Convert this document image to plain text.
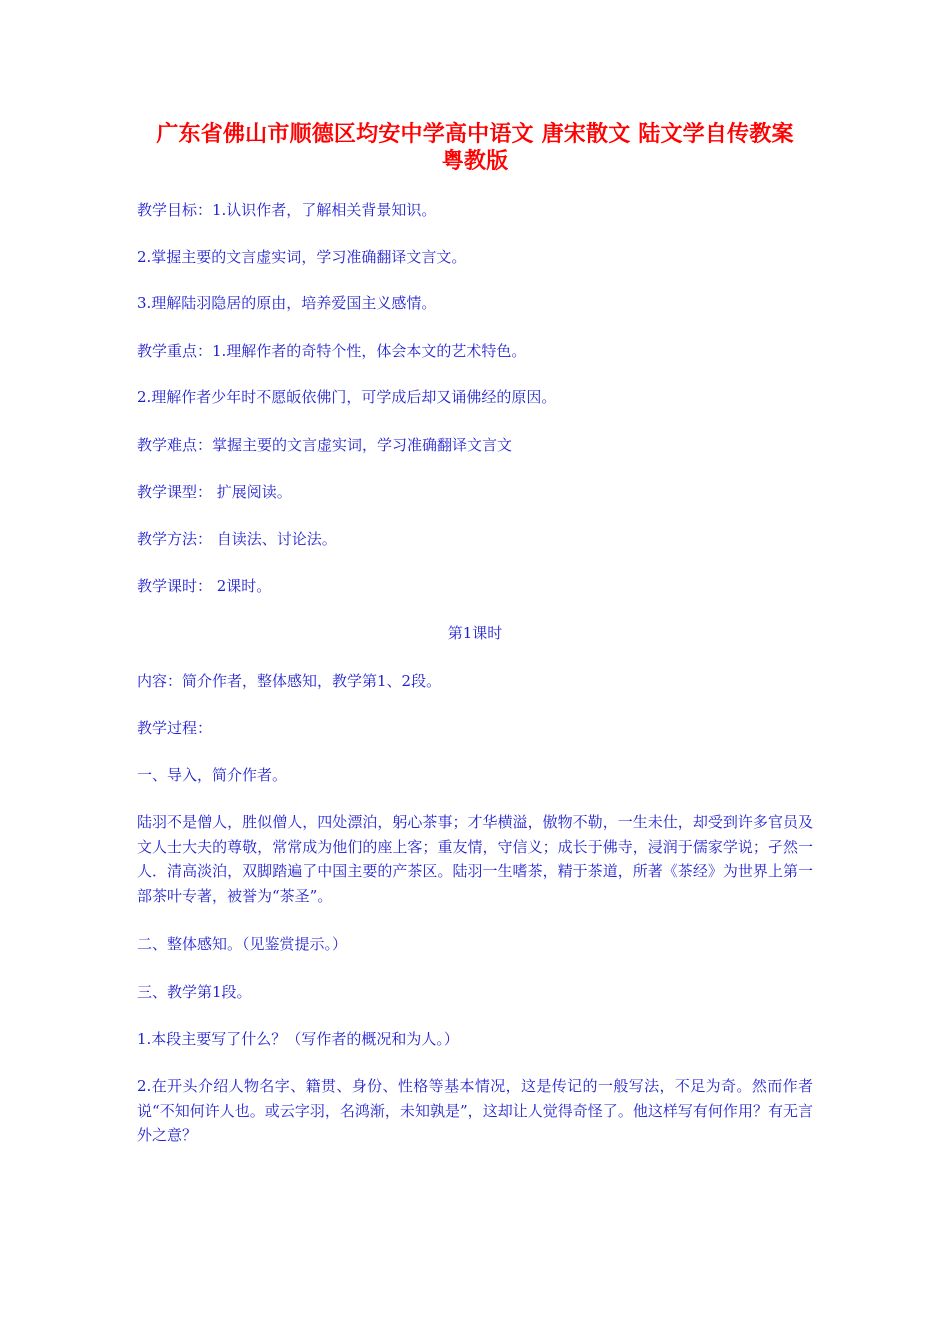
广东省佛山市顺德区均安中学高中语文 唐宋散文 陆文学自传教案
粤教版
教学目标：1.认识作者，了解相关背景知识。
2.掌握主要的文言虚实词，学习准确翻译文言文。
3.理解陆羽隐居的原由，培养爱国主义感情。
教学重点：1.理解作者的奇特个性，体会本文的艺术特色。
2.理解作者少年时不愿皈依佛门，可学成后却又诵佛经的原因。
教学难点：掌握主要的文言虚实词，学习准确翻译文言文
教学课型： 扩展阅读。
教学方法： 自读法、讨论法。
教学课时： 2课时。
第1课时
内容：简介作者，整体感知，教学第1、2段。
教学过程：
一、导入，简介作者。
陆羽不是僧人，胜似僧人，四处漂泊，躬心茶事；才华横溢，傲物不勒，一生未仕，却受到许多官员及文人士大夫的尊敬，常常成为他们的座上客；重友情，守信义；成长于佛寺，浸润于儒家学说；孑然一人．清高淡泊，双脚踏遍了中国主要的产茶区。陆羽一生嗜茶，精于茶道，所著《茶经》为世界上第一部茶叶专著，被誉为“茶圣”。
二、整体感知。（见鉴赏提示。）
三、教学第1段。
1.本段主要写了什么？（写作者的概况和为人。）
2.在开头介绍人物名字、籍贯、身份、性格等基本情况，这是传记的一般写法，不足为奇。然而作者说“不知何许人也。或云字羽，名鸿渐，未知孰是”，这却让人觉得奇怪了。他这样写有何作用？有无言外之意？
